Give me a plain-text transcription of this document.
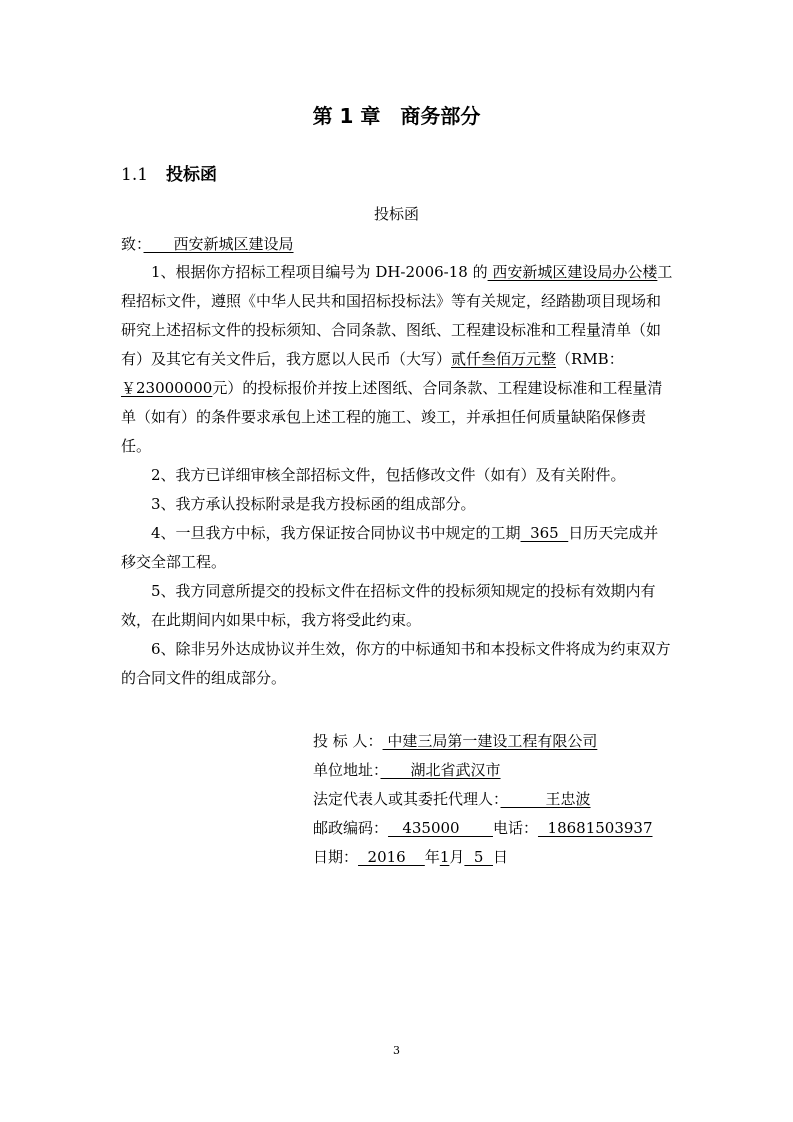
第 1 章　商务部分
1.1 投标函
投标函
致：　　西安新城区建设局

1、根据你方招标工程项目编号为 DH-2006-18 的 西安新城区建设局办公楼工程招标文件，遵照《中华人民共和国招标投标法》等有关规定，经踏勘项目现场和研究上述招标文件的投标须知、合同条款、图纸、工程建设标准和工程量清单（如有）及其它有关文件后，我方愿以人民币（大写）贰仟叁佰万元整（RMB：￥23000000元）的投标报价并按上述图纸、合同条款、工程建设标准和工程量清单（如有）的条件要求承包上述工程的施工、竣工，并承担任何质量缺陷保修责任。

2、我方已详细审核全部招标文件，包括修改文件（如有）及有关附件。

3、我方承认投标附录是我方投标函的组成部分。

4、一旦我方中标，我方保证按合同协议书中规定的工期  365  日历天完成并移交全部工程。

5、我方同意所提交的投标文件在招标文件的投标须知规定的投标有效期内有效，在此期间内如果中标，我方将受此约束。

6、除非另外达成协议并生效，你方的中标通知书和本投标文件将成为约束双方的合同文件的组成部分。

投 标 人： 中建三局第一建设工程有限公司
单位地址：　　湖北省武汉市
法定代表人或其委托代理人：　　　王忠波
邮政编码：   435000       电话：  18681503937
日期：  2016    年1月  5  日
3
